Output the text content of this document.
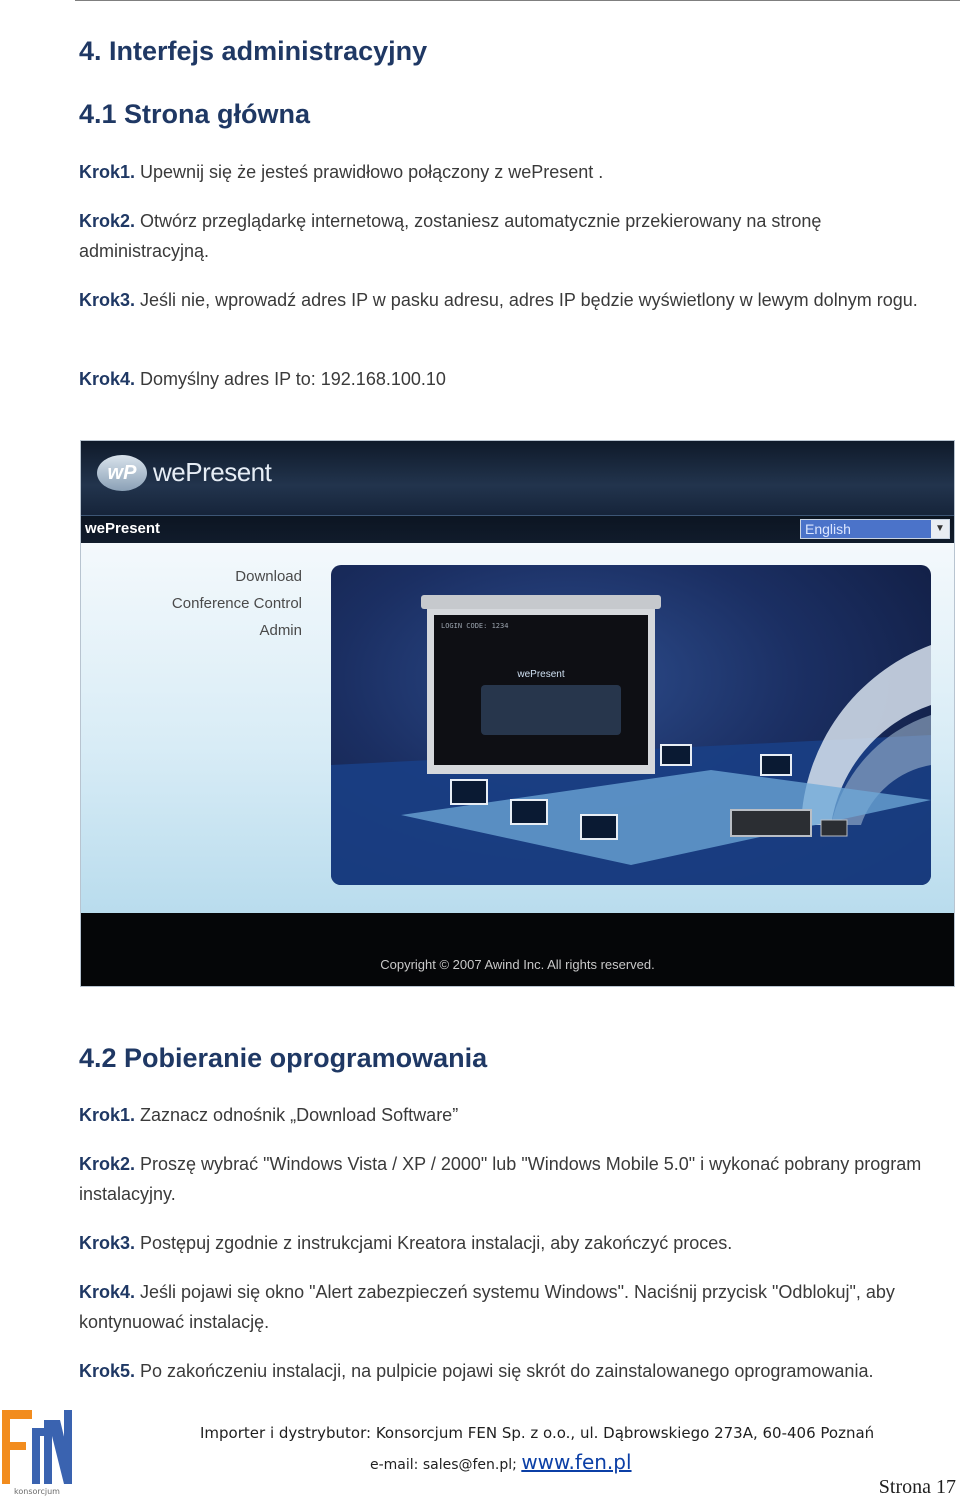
4. Interfejs administracyjny
4.1 Strona główna

Krok1. Upewnij się że jesteś prawidłowo połączony z wePresent .

Krok2. Otwórz przeglądarkę internetową, zostaniesz automatycznie przekierowany na stronę administracyjną.

Krok3. Jeśli nie, wprowadź adres IP w pasku adresu, adres IP będzie wyświetlony w lewym dolnym rogu.

Krok4. Domyślny adres IP to: 192.168.100.10

4.2 Pobieranie oprogramowania

Krok1. Zaznacz odnośnik „Download Software”

Krok2. Proszę wybrać "Windows Vista / XP / 2000" lub "Windows Mobile 5.0" i wykonać pobrany program instalacyjny.

Krok3. Postępuj zgodnie z instrukcjami Kreatora instalacji, aby zakończyć proces.

Krok4. Jeśli pojawi się okno "Alert zabezpieczeń systemu Windows". Naciśnij przycisk "Odblokuj", aby kontynuować instalację.

Krok5. Po zakończeniu instalacji, na pulpicie pojawi się skrót do zainstalowanego oprogramowania.

wP wePresent
wePresent	English	▼
Download
Conference Control
Admin	LOGIN CODE: 1234
wePresent
Copyright © 2007 Awind Inc. All rights reserved.
konsorcjum
Importer i dystrybutor: Konsorcjum FEN Sp. z o.o., ul. Dąbrowskiego 273A, 60-406 Poznań
e-mail: sales@fen.pl; www.fen.pl
Strona 17
